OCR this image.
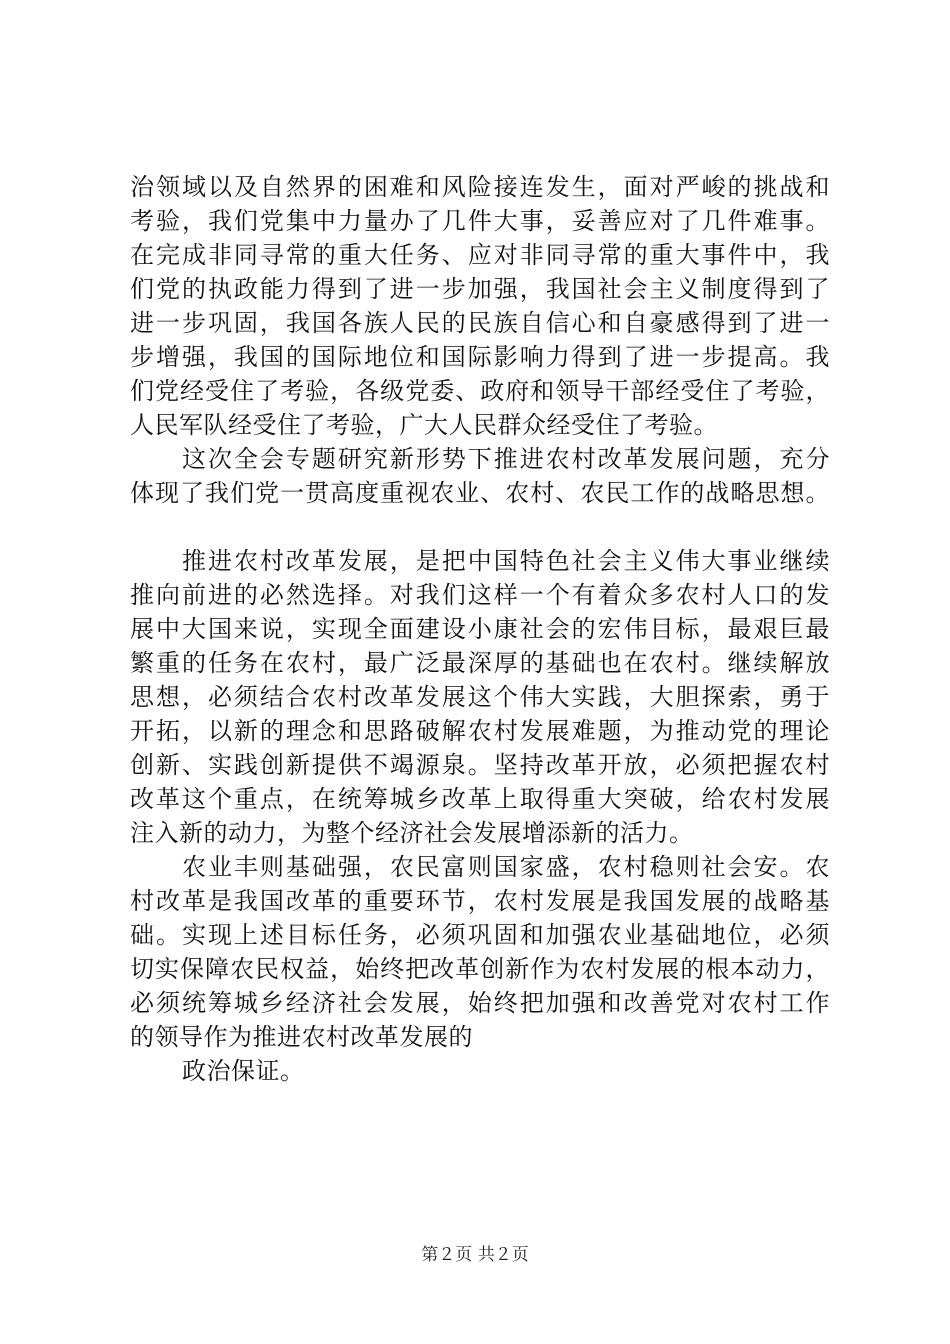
治领域以及自然界的困难和风险接连发生，面对严峻的挑战和
考验，我们党集中力量办了几件大事，妥善应对了几件难事。
在完成非同寻常的重大任务、应对非同寻常的重大事件中，我
们党的执政能力得到了进一步加强，我国社会主义制度得到了
进一步巩固，我国各族人民的民族自信心和自豪感得到了进一
步增强，我国的国际地位和国际影响力得到了进一步提高。我
们党经受住了考验，各级党委、政府和领导干部经受住了考验，
人民军队经受住了考验，广大人民群众经受住了考验。
这次全会专题研究新形势下推进农村改革发展问题，充分
体现了我们党一贯高度重视农业、农村、农民工作的战略思想。
推进农村改革发展，是把中国特色社会主义伟大事业继续
推向前进的必然选择。对我们这样一个有着众多农村人口的发
展中大国来说，实现全面建设小康社会的宏伟目标，最艰巨最
繁重的任务在农村，最广泛最深厚的基础也在农村。继续解放
思想，必须结合农村改革发展这个伟大实践，大胆探索，勇于
开拓，以新的理念和思路破解农村发展难题，为推动党的理论
创新、实践创新提供不竭源泉。坚持改革开放，必须把握农村
改革这个重点，在统筹城乡改革上取得重大突破，给农村发展
注入新的动力，为整个经济社会发展增添新的活力。
农业丰则基础强，农民富则国家盛，农村稳则社会安。农
村改革是我国改革的重要环节，农村发展是我国发展的战略基
础。实现上述目标任务，必须巩固和加强农业基础地位，必须
切实保障农民权益，始终把改革创新作为农村发展的根本动力，
必须统筹城乡经济社会发展，始终把加强和改善党对农村工作
的领导作为推进农村改革发展的
政治保证。
第２页 共２页
